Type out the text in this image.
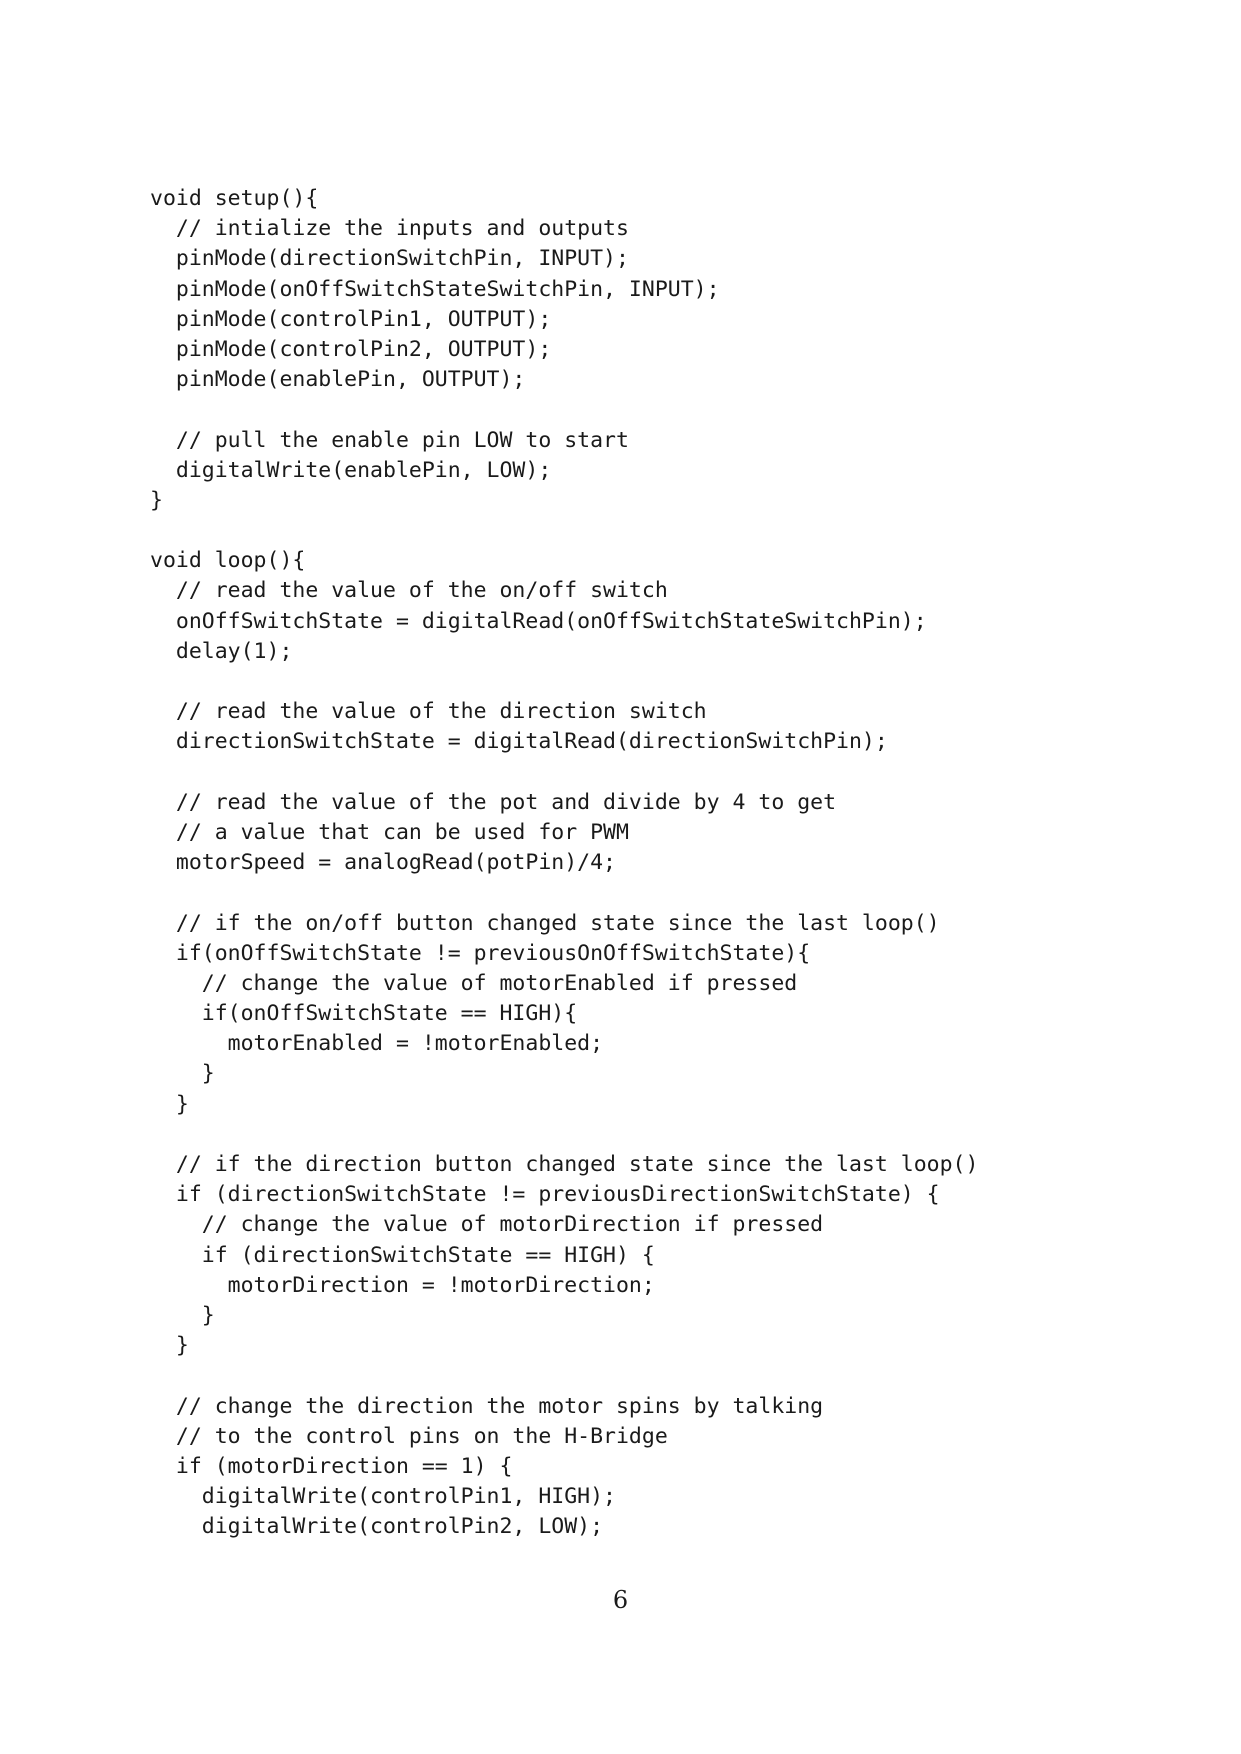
void setup(){
// intialize the inputs and outputs
pinMode(directionSwitchPin, INPUT);
pinMode(onOffSwitchStateSwitchPin, INPUT);
pinMode(controlPin1, OUTPUT);
pinMode(controlPin2, OUTPUT);
pinMode(enablePin, OUTPUT);
// pull the enable pin LOW to start
digitalWrite(enablePin, LOW);
}
void loop(){
// read the value of the on/off switch
onOffSwitchState = digitalRead(onOffSwitchStateSwitchPin);
delay(1);
// read the value of the direction switch
directionSwitchState = digitalRead(directionSwitchPin);
// read the value of the pot and divide by 4 to get
// a value that can be used for PWM
motorSpeed = analogRead(potPin)/4;
// if the on/off button changed state since the last loop()
if(onOffSwitchState != previousOnOffSwitchState){
// change the value of motorEnabled if pressed
if(onOffSwitchState == HIGH){
motorEnabled = !motorEnabled;
}
}
// if the direction button changed state since the last loop()
if (directionSwitchState != previousDirectionSwitchState) {
// change the value of motorDirection if pressed
if (directionSwitchState == HIGH) {
motorDirection = !motorDirection;
}
}
// change the direction the motor spins by talking
// to the control pins on the H-Bridge
if (motorDirection == 1) {
digitalWrite(controlPin1, HIGH);
digitalWrite(controlPin2, LOW);
6
